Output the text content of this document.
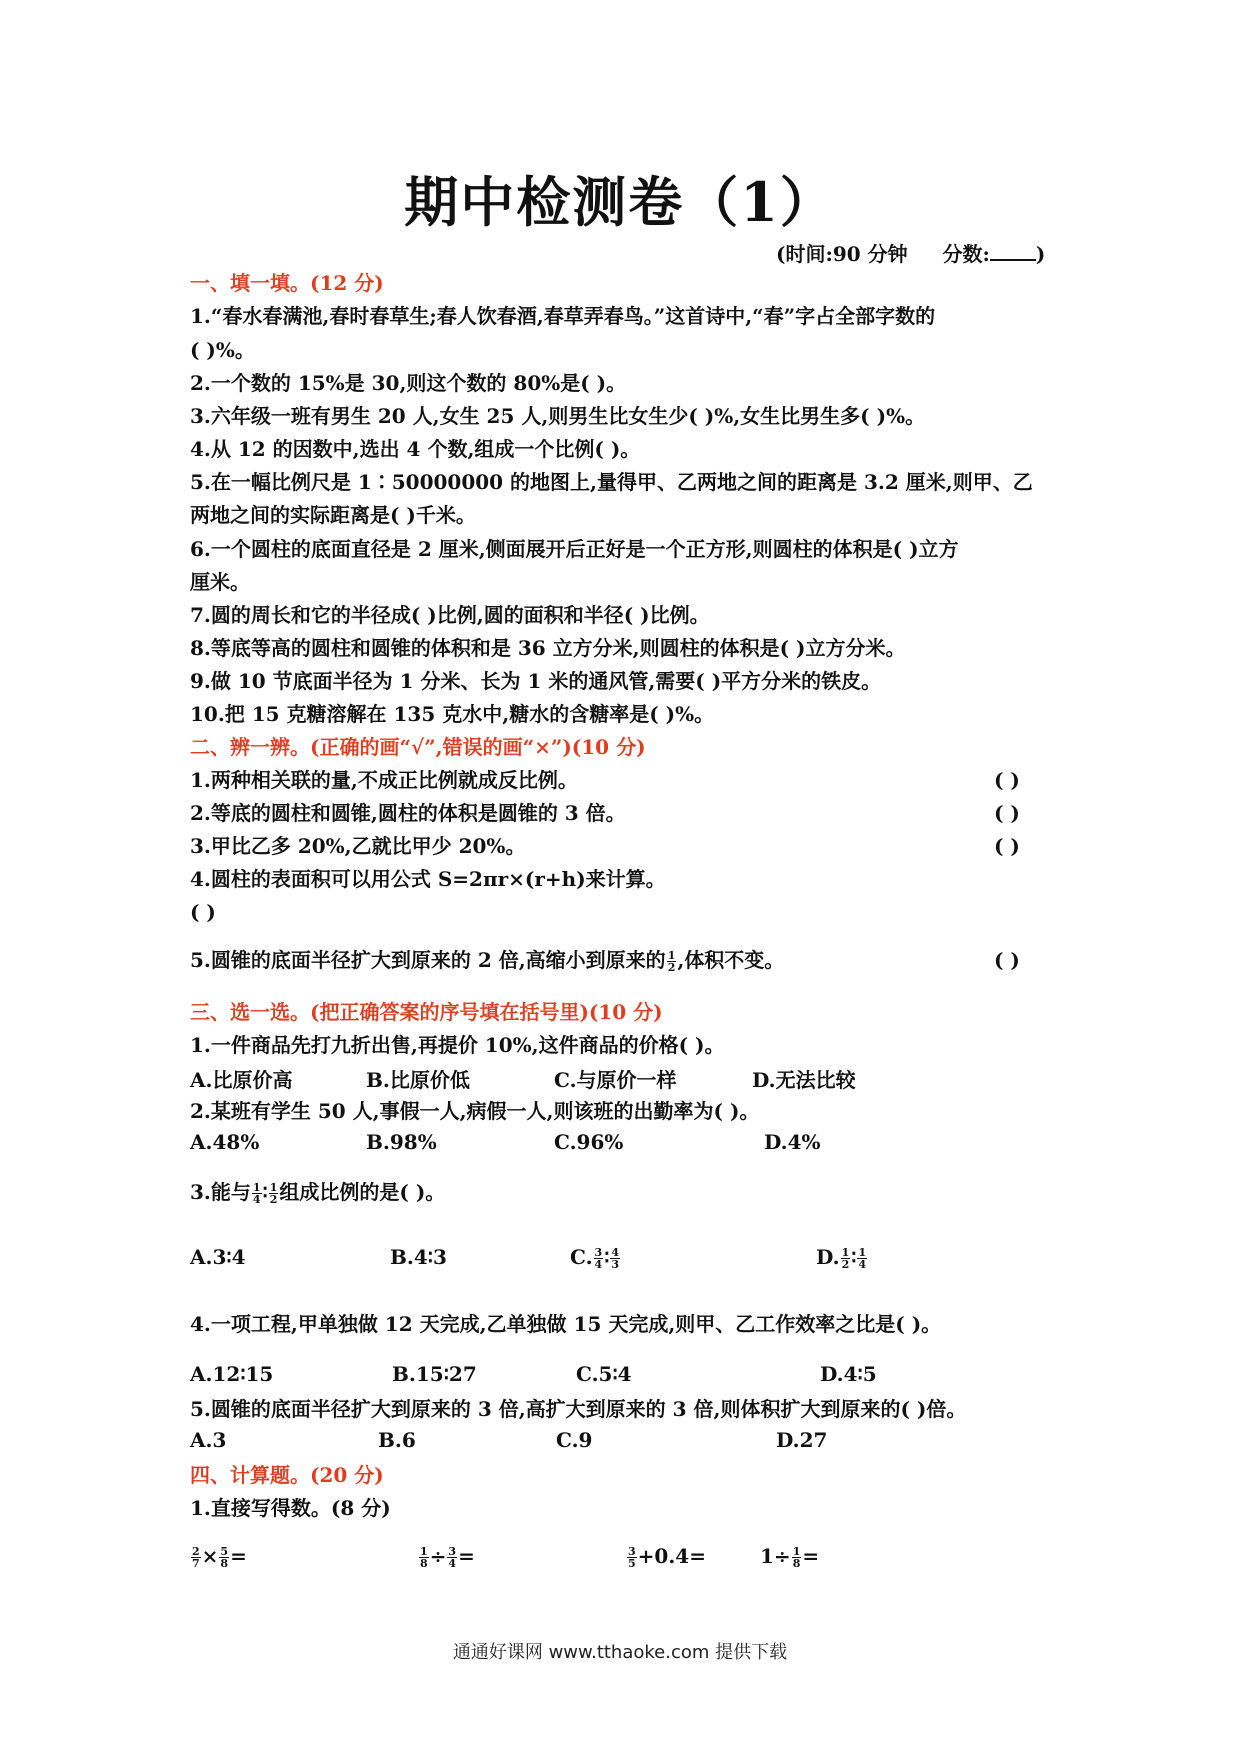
期中检测卷（1）
(时间:90 分钟 分数: )
一、填一填。(12 分)
1.“春水春满池,春时春草生;春人饮春酒,春草弄春鸟。”这首诗中,“春”字占全部字数的
( )%。
2.一个数的 15%是 30,则这个数的 80%是( )。
3.六年级一班有男生 20 人,女生 25 人,则男生比女生少( )%,女生比男生多( )%。
4.从 12 的因数中,选出 4 个数,组成一个比例( )。
5.在一幅比例尺是 1∶50000000 的地图上,量得甲、乙两地之间的距离是 3.2 厘米,则甲、乙
两地之间的实际距离是( )千米。
6.一个圆柱的底面直径是 2 厘米,侧面展开后正好是一个正方形,则圆柱的体积是( )立方
厘米。
7.圆的周长和它的半径成( )比例,圆的面积和半径( )比例。
8.等底等高的圆柱和圆锥的体积和是 36 立方分米,则圆柱的体积是( )立方分米。
9.做 10 节底面半径为 1 分米、长为 1 米的通风管,需要( )平方分米的铁皮。
10.把 15 克糖溶解在 135 克水中,糖水的含糖率是( )%。
二、辨一辨。(正确的画“√”,错误的画“×”)(10 分)
1.两种相关联的量,不成正比例就成反比例。	( )
2.等底的圆柱和圆锥,圆柱的体积是圆锥的 3 倍。	( )
3.甲比乙多 20%,乙就比甲少 20%。	( )
4.圆柱的表面积可以用公式 S=2πr×(r+h)来计算。
( )
5.圆锥的底面半径扩大到原来的 2 倍,高缩小到原来的 $\frac{1}{2}$ ,体积不变。	( )
三、选一选。(把正确答案的序号填在括号里)(10 分)
1.一件商品先打九折出售,再提价 10%,这件商品的价格( )。
A.比原价高	B.比原价低	C.与原价一样	D.无法比较
2.某班有学生 50 人,事假一人,病假一人,则该班的出勤率为( )。
A.48%	B.98%	C.96%	D.4%
3.能与 $\frac{1}{4}$ ∶ $\frac{1}{2}$ 组成比例的是( )。
A.3∶4	B.4∶3	C. $\frac{3}{4}$ ∶ $\frac{4}{3}$	D. $\frac{1}{2}$ ∶ $\frac{1}{4}$
4.一项工程,甲单独做 12 天完成,乙单独做 15 天完成,则甲、乙工作效率之比是( )。
A.12∶15	B.15∶27	C.5∶4	D.4∶5
5.圆锥的底面半径扩大到原来的 3 倍,高扩大到原来的 3 倍,则体积扩大到原来的( )倍。
A.3	B.6	C.9	D.27
四、计算题。(20 分)
1.直接写得数。(8 分)
$\frac{2}{7} \times \frac{5}{8}$ =	$\frac{1}{8} \div \frac{3}{4}$ =	$\frac{3}{5} +0.4=$	$1\div \frac{1}{8}$ =
通通好课网 www.tthaoke.com 提供下载
